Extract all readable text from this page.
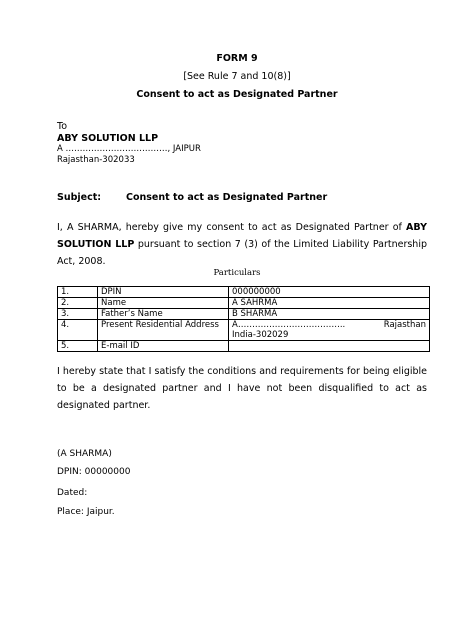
FORM 9
[See Rule 7 and 10(8)]
Consent to act as Designated Partner
To
ABY SOLUTION LLP
A ………………………………, JAIPUR
Rajasthan-302033
Subject:	Consent to act as Designated Partner
I, A SHARMA, hereby give my consent to act as Designated Partner of ABY SOLUTION LLP pursuant to section 7 (3) of the Limited Liability Partnership Act, 2008.
Particulars
1.	DPIN	000000000
2.	Name	A SAHRMA
3.	Father’s Name	B SHARMA
4.	Present Residential Address	A……………………………….. Rajasthan
India-302029

5.	E-mail ID	
I hereby state that I satisfy the conditions and requirements for being eligible to be a designated partner and I have not been disqualified to act as designated partner.
(A SHARMA)
DPIN: 00000000
Dated:
Place: Jaipur.
